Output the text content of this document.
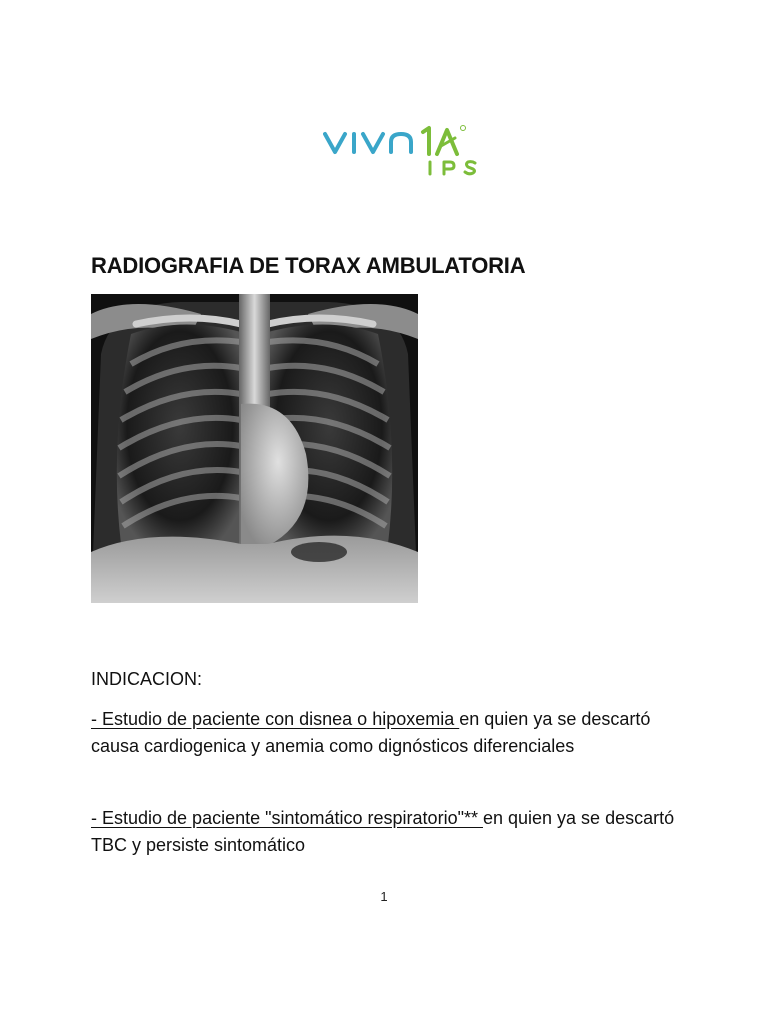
RADIOGRAFIA DE TORAX AMBULATORIA

INDICACION:

- Estudio de paciente con disnea o hipoxemia en quien ya se descartó causa cardiogenica y anemia como dignósticos diferenciales

- Estudio de paciente "sintomático respiratorio"** en quien ya se descartó TBC y persiste sintomático

1
